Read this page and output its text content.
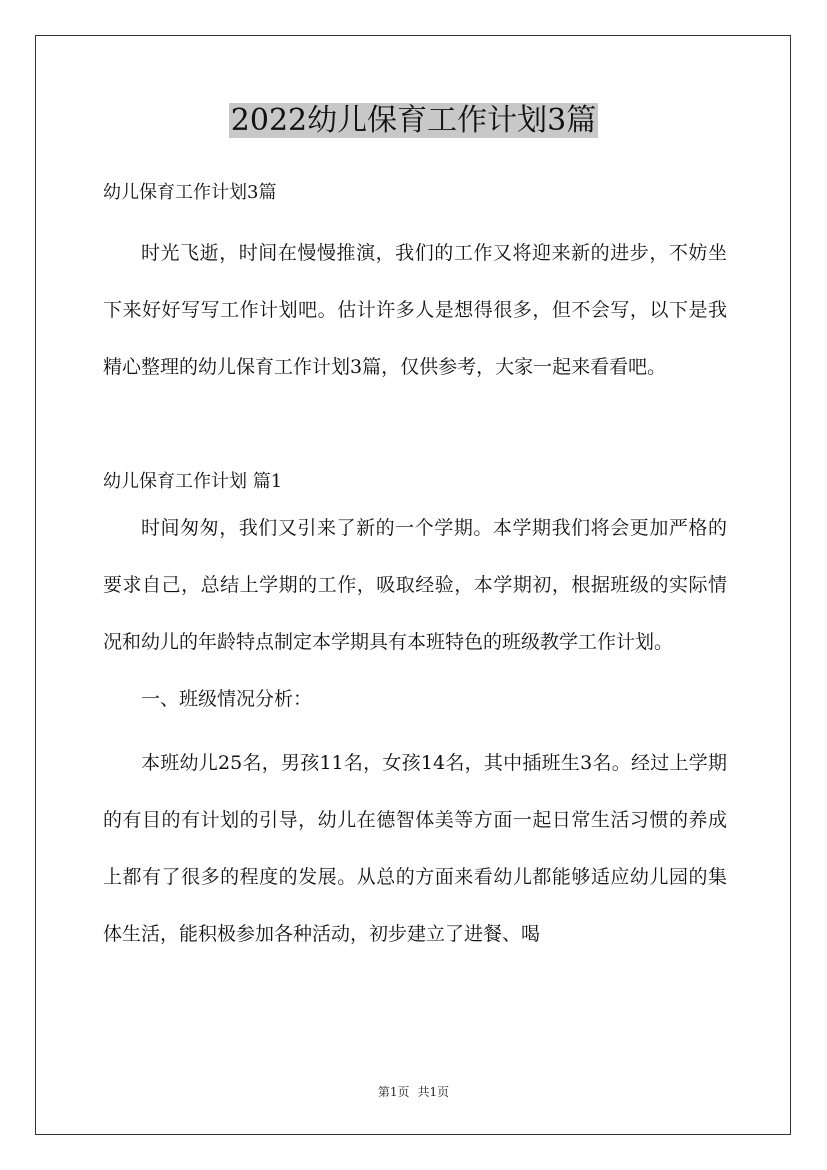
2022幼儿保育工作计划3篇

幼儿保育工作计划3篇

时光飞逝，时间在慢慢推演，我们的工作又将迎来新的进步，不妨坐下来好好写写工作计划吧。估计许多人是想得很多，但不会写，以下是我精心整理的幼儿保育工作计划3篇，仅供参考，大家一起来看看吧。

幼儿保育工作计划 篇1

时间匆匆，我们又引来了新的一个学期。本学期我们将会更加严格的要求自己，总结上学期的工作，吸取经验，本学期初，根据班级的实际情况和幼儿的年龄特点制定本学期具有本班特色的班级教学工作计划。

一、班级情况分析：

本班幼儿25名，男孩11名，女孩14名，其中插班生3名。经过上学期的有目的有计划的引导，幼儿在德智体美等方面一起日常生活习惯的养成上都有了很多的程度的发展。从总的方面来看幼儿都能够适应幼儿园的集体生活，能积极参加各种活动，初步建立了进餐、喝

第1页 共1页
